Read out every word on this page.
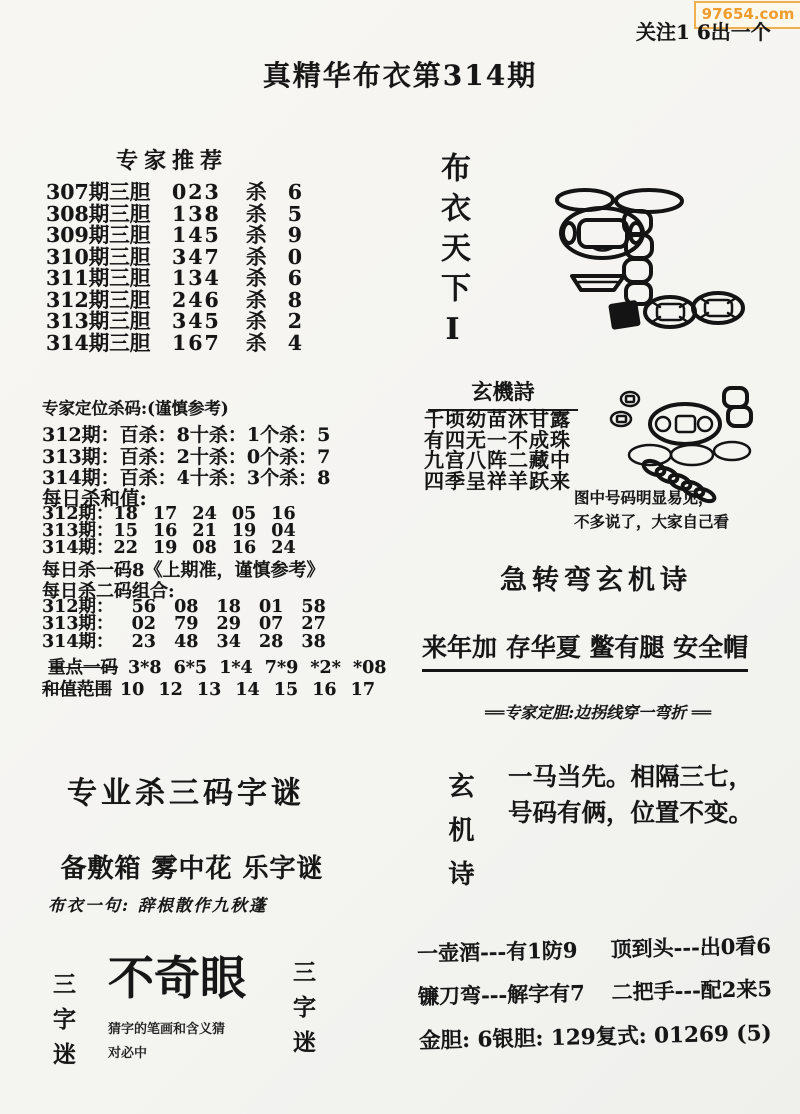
97654.com
关注1 6出一个
真精华布衣第314期
专家推荐
307期三胆	023	杀	6
308期三胆	138	杀	5
309期三胆	145	杀	9
310期三胆	347	杀	0
311期三胆	134	杀	6
312期三胆	246	杀	8
313期三胆	345	杀	2
314期三胆	167	杀	4
专家定位杀码:(谨慎参考)
312期：百杀：8十杀：1个杀：5
313期：百杀：2十杀：0个杀：7
314期：百杀：4十杀：3个杀：8
每日杀和值:
312期：18 17 24 05 16
313期：15 16 21 19 04
314期：22 19 08 16 24
每日杀一码8《上期准，谨慎参考》
每日杀二码组合:
312期： 56 08 18 01 58
313期： 02 79 29 07 27
314期： 23 48 34 28 38
重点一码 3*8 6*5 1*4 7*9 *2* *08
和值范围 10 12 13 14 15 16 17
专业杀三码字谜
备敷箱 雾中花 乐字谜
布衣一句: 辞根散作九秋蓬
三字迷 不奇眼
猜字的笔画和含义猜
对必中	三字迷
布衣天下I
玄機詩
千顷幼苗沐甘露
有四无一不成珠
九宫八阵二藏中
四季呈祥羊跃来
图中号码明显易见，
不多说了，大家自己看
急转弯玄机诗
来年加 存华夏 鳖有腿 安全帽
══专家定胆:边拐线穿一弯折 ══
玄机诗 一马当先。相隔三七，
号码有俩，位置不变。
一壶酒---有1防9 顶到头---出0看6
镰刀弯---解字有7 二把手---配2来5
金胆: 6银胆: 129复式: 01269 (5)
